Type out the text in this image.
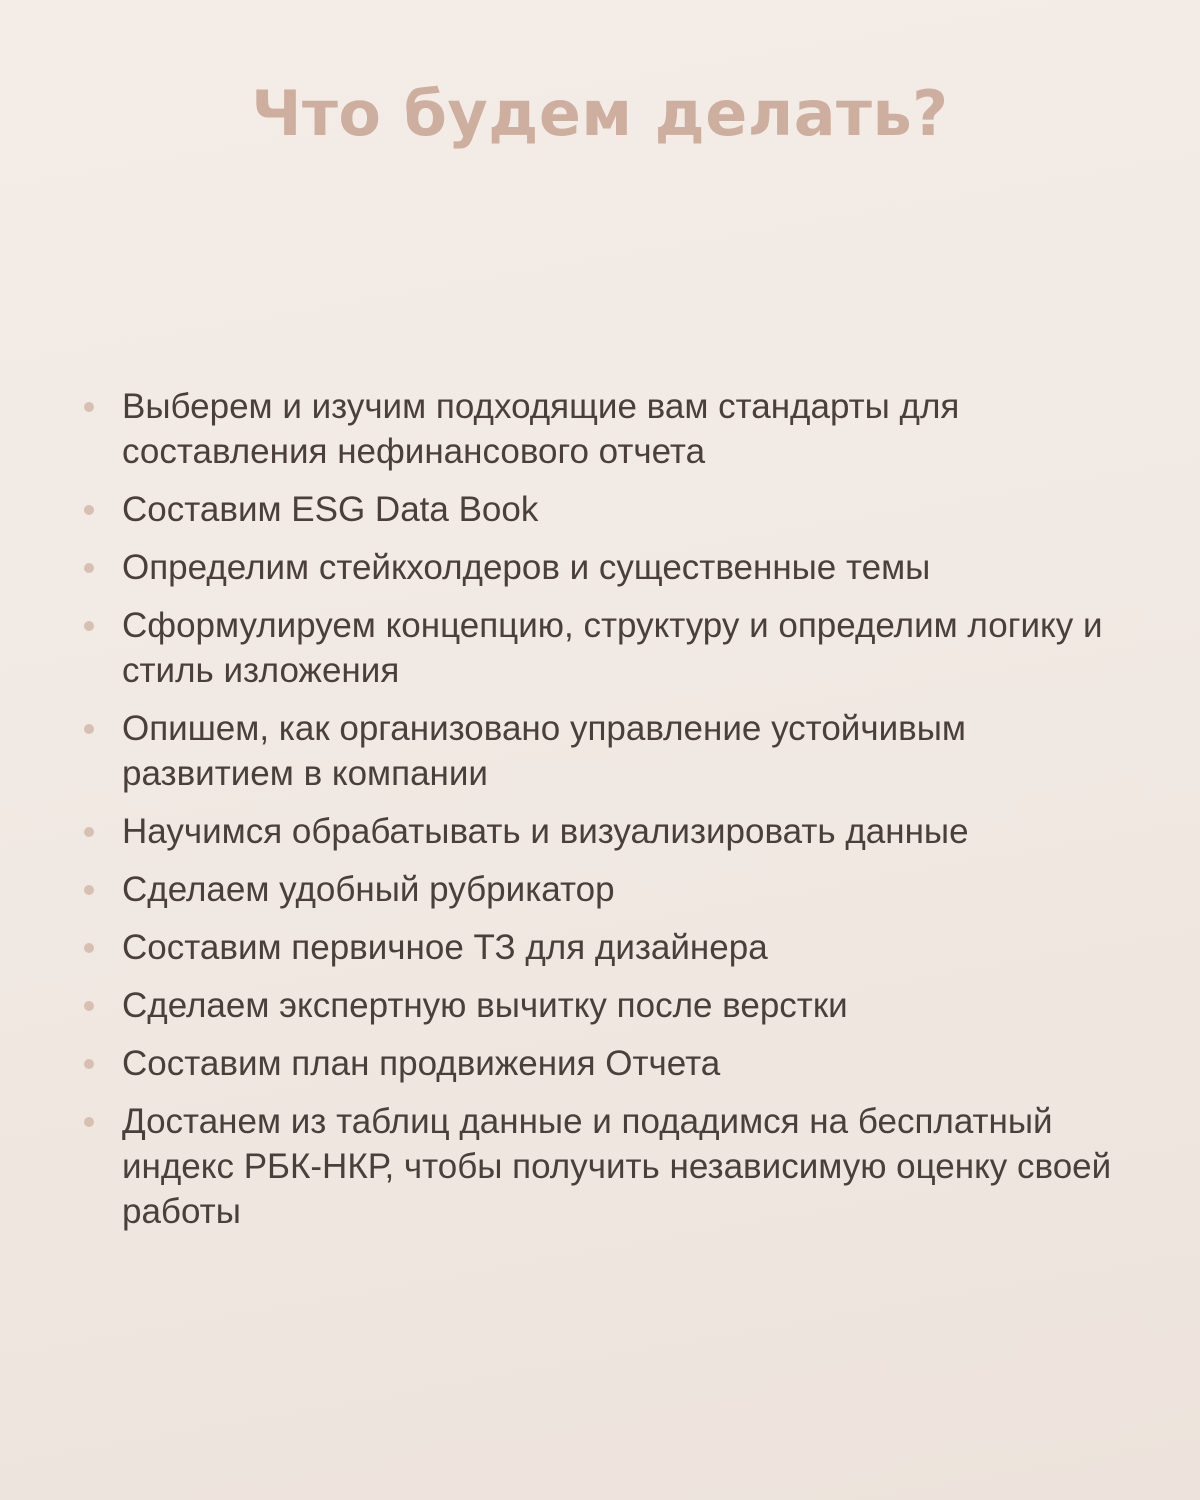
Что будем делать?
Выберем и изучим подходящие вам стандарты для составления нефинансового отчета
Составим ESG Data Book
Определим стейкхолдеров и существенные темы
Сформулируем концепцию, структуру и определим логику и стиль изложения
Опишем, как организовано управление устойчивым развитием в компании
Научимся обрабатывать и визуализировать данные
Сделаем удобный рубрикатор
Составим первичное ТЗ для дизайнера
Сделаем экспертную вычитку после верстки
Составим план продвижения Отчета
Достанем из таблиц данные и подадимся на бесплатный индекс РБК-НКР, чтобы получить независимую оценку своей работы
